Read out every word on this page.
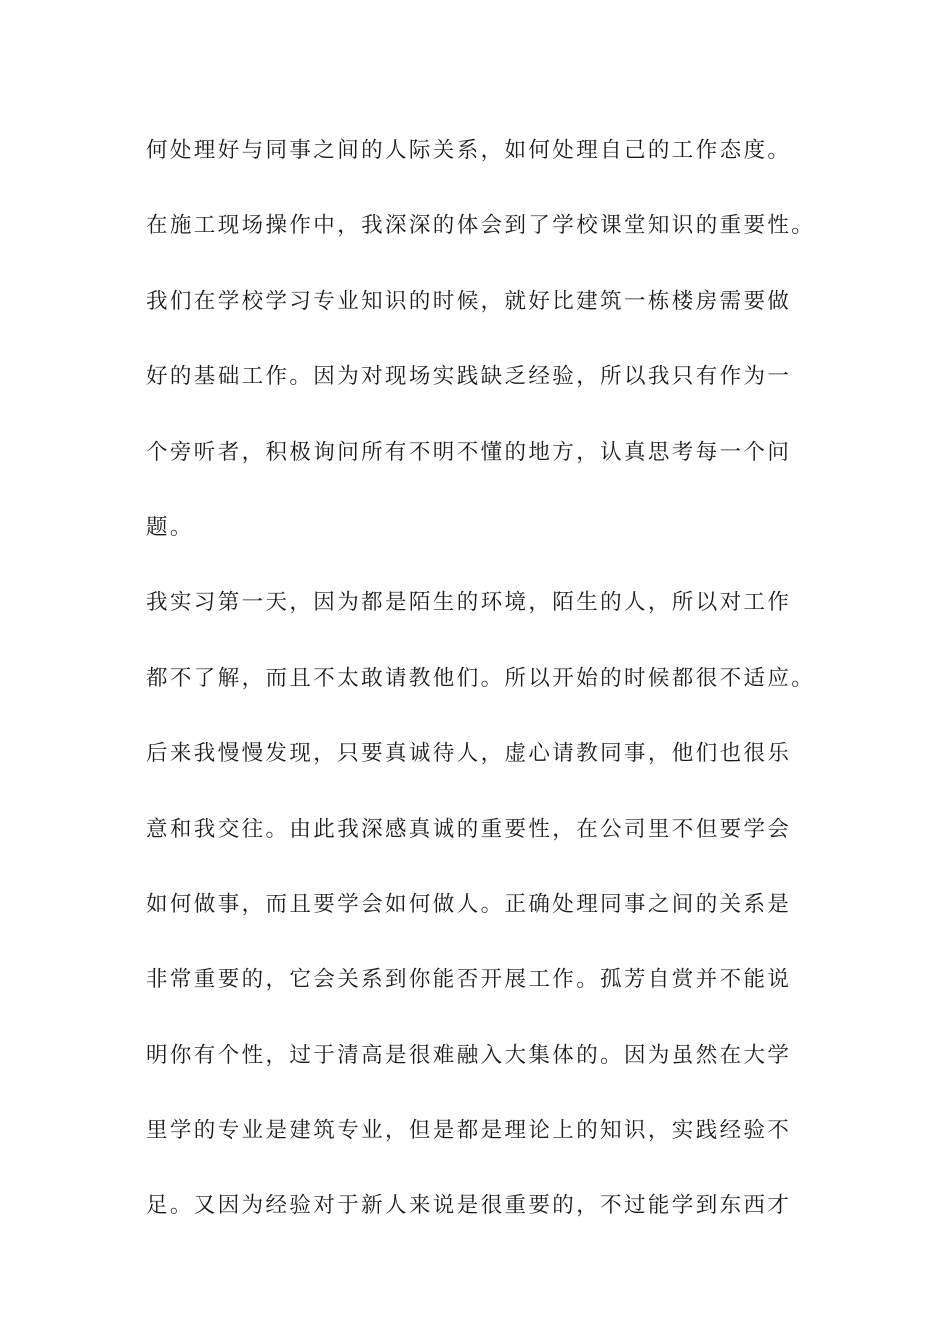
何处理好与同事之间的人际关系，如何处理自己的工作态度。

在施工现场操作中，我深深的体会到了学校课堂知识的重要性。

我们在学校学习专业知识的时候，就好比建筑一栋楼房需要做

好的基础工作。因为对现场实践缺乏经验，所以我只有作为一

个旁听者，积极询问所有不明不懂的地方，认真思考每一个问

题。

我实习第一天，因为都是陌生的环境，陌生的人，所以对工作

都不了解，而且不太敢请教他们。所以开始的时候都很不适应。

后来我慢慢发现，只要真诚待人，虚心请教同事，他们也很乐

意和我交往。由此我深感真诚的重要性，在公司里不但要学会

如何做事，而且要学会如何做人。正确处理同事之间的关系是

非常重要的，它会关系到你能否开展工作。孤芳自赏并不能说

明你有个性，过于清高是很难融入大集体的。因为虽然在大学

里学的专业是建筑专业，但是都是理论上的知识，实践经验不

足。又因为经验对于新人来说是很重要的，不过能学到东西才
